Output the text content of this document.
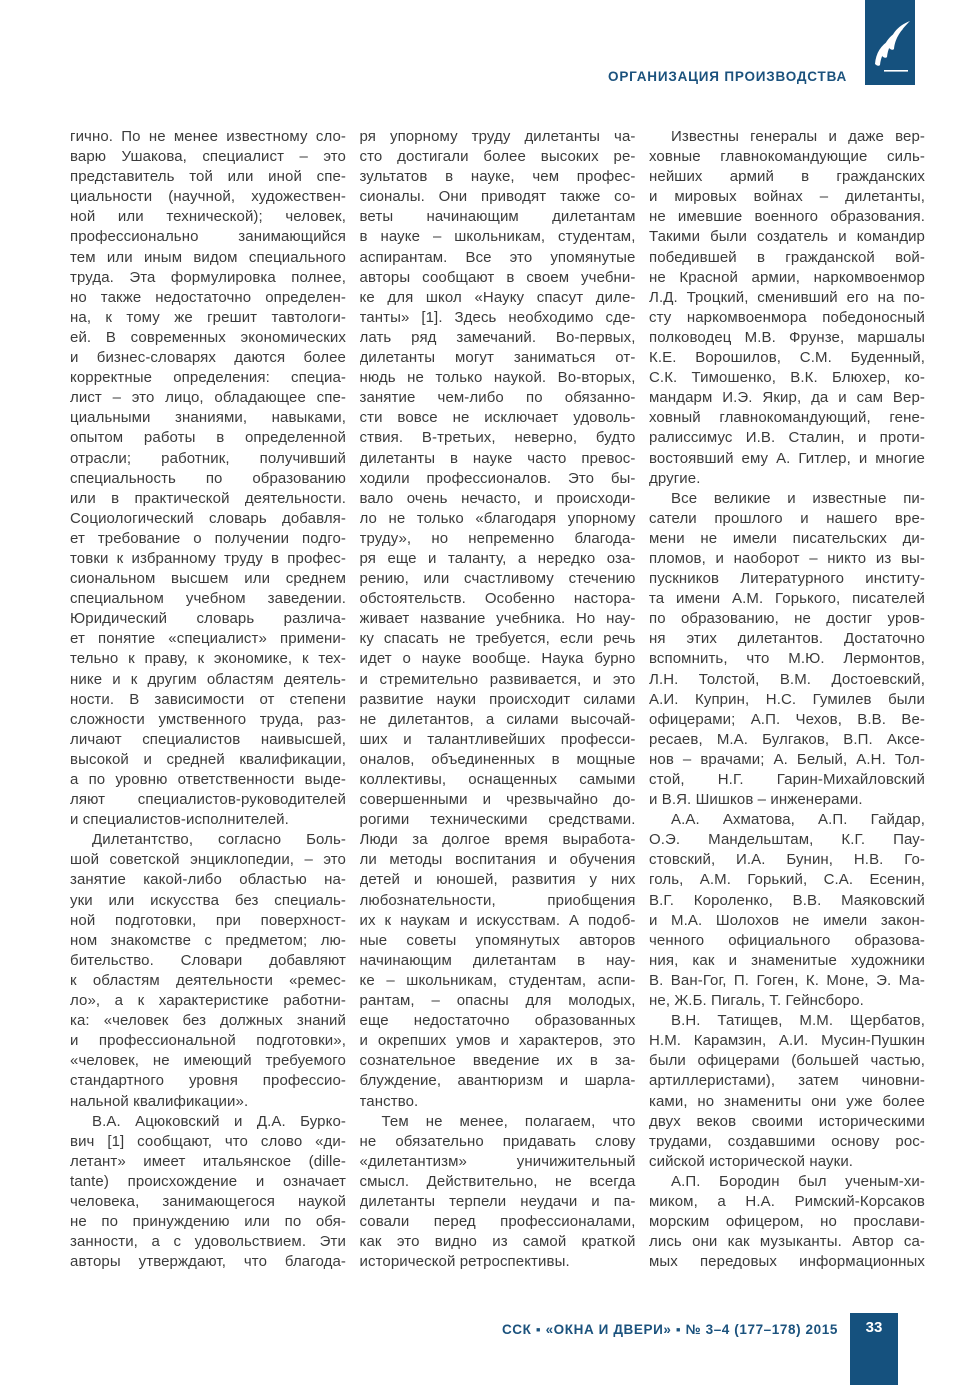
ОРГАНИЗАЦИЯ ПРОИЗВОДСТВА
гично. По не менее известному сло-
варю Ушакова, специалист – это
представитель той или иной спе-
циальности (научной, художествен-
ной или технической); человек,
профессионально занимающийся
тем или иным видом специального
труда. Эта формулировка полнее,
но также недостаточно определен-
на, к тому же грешит тавтологи-
ей. В современных экономических
и бизнес-словарях даются более
корректные определения: специа-
лист – это лицо, обладающее спе-
циальными знаниями, навыками,
опытом работы в определенной
отрасли; работник, получивший
специальность по образованию
или в практической деятельности.
Социологический словарь добавля-
ет требование о получении подго-
товки к избранному труду в профес-
сиональном высшем или среднем
специальном учебном заведении.
Юридический словарь различа-
ет понятие «специалист» примени-
тельно к праву, к экономике, к тех-
нике и к другим областям деятель-
ности. В зависимости от степени
сложности умственного труда, раз-
личают специалистов наивысшей,
высокой и средней квалификации,
а по уровню ответственности выде-
ляют специалистов-руководителей
и специалистов-исполнителей.
Дилетантство, согласно Боль-
шой советской энциклопедии, – это
занятие какой-либо областью на-
уки или искусства без специаль-
ной подготовки, при поверхност-
ном знакомстве с предметом; лю-
бительство. Словари добавляют
к областям деятельности «ремес-
ло», а к характеристике работни-
ка: «человек без должных знаний
и профессиональной подготовки»,
«человек, не имеющий требуемого
стандартного уровня профессио-
нальной квалификации».
В.А. Ацюковский и Д.А. Бурко-
вич [1] сообщают, что слово «ди-
летант» имеет итальянское (dille-
tante) происхождение и означает
человека, занимающегося наукой
не по принуждению или по обя-
занности, а с удовольствием. Эти
авторы утверждают, что благода-
ря упорному труду дилетанты ча-
сто достигали более высоких ре-
зультатов в науке, чем профес-
сионалы. Они приводят также со-
веты начинающим дилетантам
в науке – школьникам, студентам,
аспирантам. Все это упомянутые
авторы сообщают в своем учебни-
ке для школ «Науку спасут диле-
танты» [1]. Здесь необходимо сде-
лать ряд замечаний. Во-первых,
дилетанты могут заниматься от-
нюдь не только наукой. Во-вторых,
занятие чем-либо по обязанно-
сти вовсе не исключает удоволь-
ствия. В-третьих, неверно, будто
дилетанты в науке часто превос-
ходили профессионалов. Это бы-
вало очень нечасто, и происходи-
ло не только «благодаря упорному
труду», но непременно благода-
ря еще и таланту, а нередко оза-
рению, или счастливому стечению
обстоятельств. Особенно настора-
живает название учебника. Но нау-
ку спасать не требуется, если речь
идет о науке вообще. Наука бурно
и стремительно развивается, и это
развитие науки происходит силами
не дилетантов, а силами высочай-
ших и талантливейших професси-
оналов, объединенных в мощные
коллективы, оснащенных самыми
совершенными и чрезвычайно до-
рогими техническими средствами.
Люди за долгое время выработа-
ли методы воспитания и обучения
детей и юношей, развития у них
любознательности, приобщения
их к наукам и искусствам. А подоб-
ные советы упомянутых авторов
начинающим дилетантам в нау-
ке – школьникам, студентам, аспи-
рантам, – опасны для молодых,
еще недостаточно образованных
и окрепших умов и характеров, это
сознательное введение их в за-
блуждение, авантюризм и шарла-
танство.
Тем не менее, полагаем, что
не обязательно придавать слову
«дилетантизм» уничижительный
смысл. Действительно, не всегда
дилетанты терпели неудачи и па-
совали перед профессионалами,
как это видно из самой краткой
исторической ретроспективы.
Известны генералы и даже вер-
ховные главнокомандующие силь-
нейших армий в гражданских
и мировых войнах – дилетанты,
не имевшие военного образования.
Такими были создатель и командир
победившей в гражданской вой-
не Красной армии, наркомвоенмор
Л.Д. Троцкий, сменивший его на по-
сту наркомвоенмора победоносный
полководец М.В. Фрунзе, маршалы
К.Е. Ворошилов, С.М. Буденный,
С.К. Тимошенко, В.К. Блюхер, ко-
мандарм И.Э. Якир, да и сам Вер-
ховный главнокомандующий, гене-
ралиссимус И.В. Сталин, и проти-
востоявший ему А. Гитлер, и многие
другие.
Все великие и известные пи-
сатели прошлого и нашего вре-
мени не имели писательских ди-
пломов, и наоборот – никто из вы-
пускников Литературного институ-
та имени А.М. Горького, писателей
по образованию, не достиг уров-
ня этих дилетантов. Достаточно
вспомнить, что М.Ю. Лермонтов,
Л.Н. Толстой, В.М. Достоевский,
А.И. Куприн, Н.С. Гумилев были
офицерами; А.П. Чехов, В.В. Ве-
ресаев, М.А. Булгаков, В.П. Аксе-
нов – врачами; А. Белый, А.Н. Тол-
стой, Н.Г. Гарин-Михайловский
и В.Я. Шишков – инженерами.
А.А. Ахматова, А.П. Гайдар,
О.Э. Мандельштам, К.Г. Пау-
стовский, И.А. Бунин, Н.В. Го-
голь, А.М. Горький, С.А. Есенин,
В.Г. Короленко, В.В. Маяковский
и М.А. Шолохов не имели закон-
ченного официального образова-
ния, как и знаменитые художники
В. Ван-Гог, П. Гоген, К. Моне, Э. Ма-
не, Ж.Б. Пигаль, Т. Гейнсборо.
В.Н. Татищев, М.М. Щербатов,
Н.М. Карамзин, А.И. Мусин-Пушкин
были офицерами (большей частью,
артиллеристами), затем чиновни-
ками, но знамениты они уже более
двух веков своими историческими
трудами, создавшими основу рос-
сийской исторической науки.
А.П. Бородин был ученым-хи-
миком, а Н.А. Римский-Корсаков
морским офицером, но прослави-
лись они как музыканты. Автор са-
мых передовых информационных
ССК ▪ «ОКНА И ДВЕРИ» ▪ № 3–4 (177–178) 2015	33
